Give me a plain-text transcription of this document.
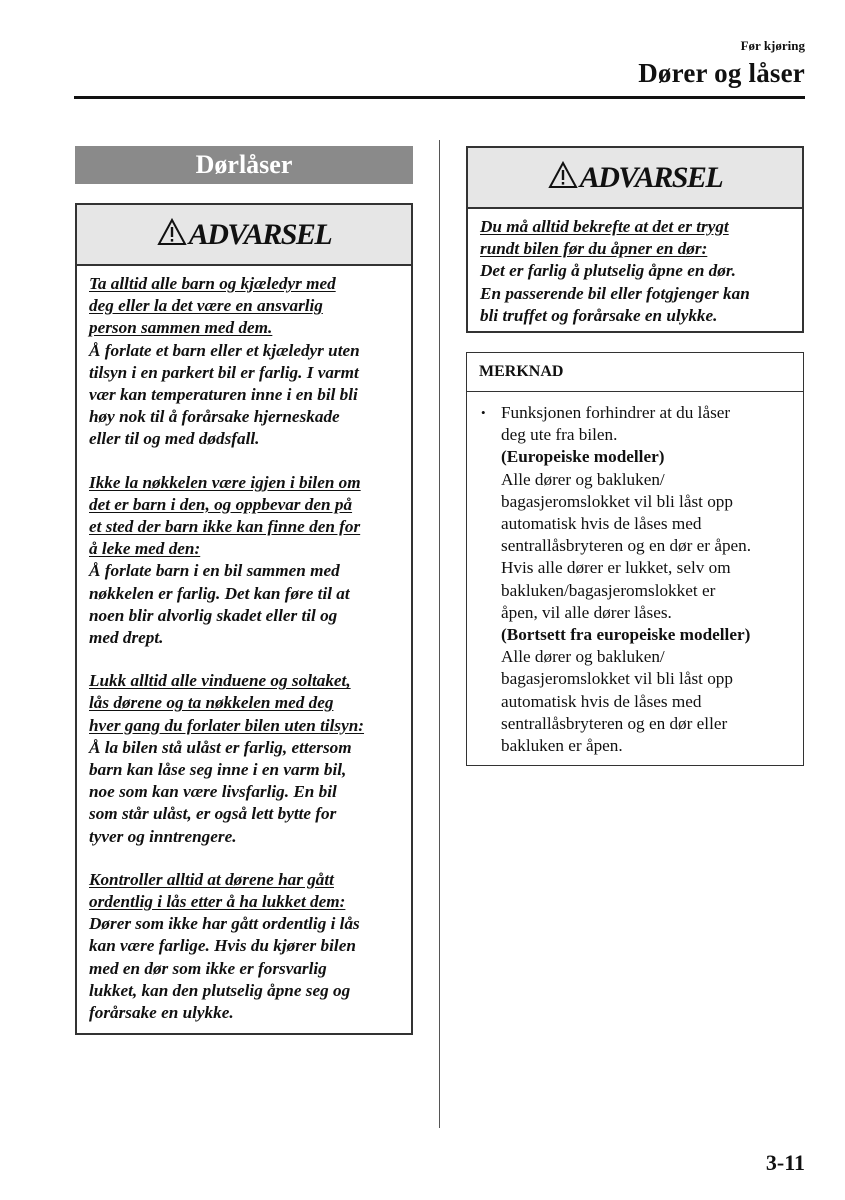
Før kjøring
Dører og låser
Dørlåser
ADVARSEL
Ta alltid alle barn og kjæledyr med
deg eller la det være en ansvarlig
person sammen med dem.
Å forlate et barn eller et kjæledyr uten
tilsyn i en parkert bil er farlig. I varmt
vær kan temperaturen inne i en bil bli
høy nok til å forårsake hjerneskade
eller til og med dødsfall.
Ikke la nøkkelen være igjen i bilen om
det er barn i den, og oppbevar den på
et sted der barn ikke kan finne den for
å leke med den:
Å forlate barn i en bil sammen med
nøkkelen er farlig. Det kan føre til at
noen blir alvorlig skadet eller til og
med drept.
Lukk alltid alle vinduene og soltaket,
lås dørene og ta nøkkelen med deg
hver gang du forlater bilen uten tilsyn:
Å la bilen stå ulåst er farlig, ettersom
barn kan låse seg inne i en varm bil,
noe som kan være livsfarlig. En bil
som står ulåst, er også lett bytte for
tyver og inntrengere.
Kontroller alltid at dørene har gått
ordentlig i lås etter å ha lukket dem:
Dører som ikke har gått ordentlig i lås
kan være farlige. Hvis du kjører bilen
med en dør som ikke er forsvarlig
lukket, kan den plutselig åpne seg og
forårsake en ulykke.
ADVARSEL
Du må alltid bekrefte at det er trygt
rundt bilen før du åpner en dør:
Det er farlig å plutselig åpne en dør.
En passerende bil eller fotgjenger kan
bli truffet og forårsake en ulykke.
MERKNAD
• Funksjonen forhindrer at du låser
deg ute fra bilen.
(Europeiske modeller)
Alle dører og bakluken/
bagasjeromslokket vil bli låst opp
automatisk hvis de låses med
sentrallåsbryteren og en dør er åpen.
Hvis alle dører er lukket, selv om
bakluken/bagasjeromslokket er
åpen, vil alle dører låses.
(Bortsett fra europeiske modeller)
Alle dører og bakluken/
bagasjeromslokket vil bli låst opp
automatisk hvis de låses med
sentrallåsbryteren og en dør eller
bakluken er åpen.
3-11
